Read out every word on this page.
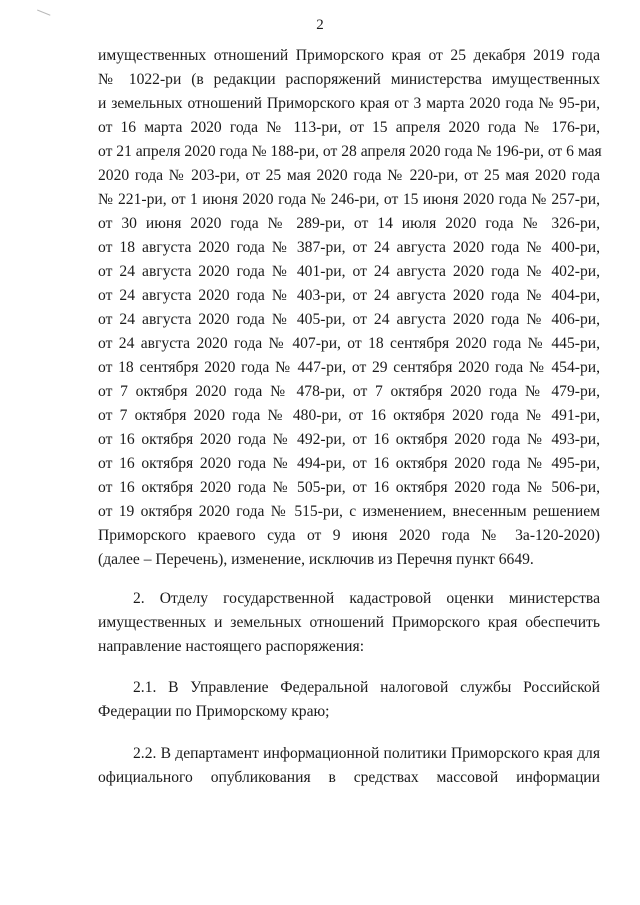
2
имущественных отношений Приморского края от 25 декабря 2019 года
№ 1022-ри (в редакции распоряжений министерства имущественных
и земельных отношений Приморского края от 3 марта 2020 года № 95-ри,
от 16 марта 2020 года № 113-ри, от 15 апреля 2020 года № 176-ри,
от 21 апреля 2020 года № 188-ри, от 28 апреля 2020 года № 196-ри, от 6 мая
2020 года № 203-ри, от 25 мая 2020 года № 220-ри, от 25 мая 2020 года
№ 221-ри, от 1 июня 2020 года № 246-ри, от 15 июня 2020 года № 257-ри,
от 30 июня 2020 года № 289-ри, от 14 июля 2020 года № 326-ри,
от 18 августа 2020 года № 387-ри, от 24 августа 2020 года № 400-ри,
от 24 августа 2020 года № 401-ри, от 24 августа 2020 года № 402-ри,
от 24 августа 2020 года № 403-ри, от 24 августа 2020 года № 404-ри,
от 24 августа 2020 года № 405-ри, от 24 августа 2020 года № 406-ри,
от 24 августа 2020 года № 407-ри, от 18 сентября 2020 года № 445-ри,
от 18 сентября 2020 года № 447-ри, от 29 сентября 2020 года № 454-ри,
от 7 октября 2020 года № 478-ри, от 7 октября 2020 года № 479-ри,
от 7 октября 2020 года № 480-ри, от 16 октября 2020 года № 491-ри,
от 16 октября 2020 года № 492-ри, от 16 октября 2020 года № 493-ри,
от 16 октября 2020 года № 494-ри, от 16 октября 2020 года № 495-ри,
от 16 октября 2020 года № 505-ри, от 16 октября 2020 года № 506-ри,
от 19 октября 2020 года № 515-ри, с изменением, внесенным решением
Приморского краевого суда от 9 июня 2020 года № 3а-120-2020)
(далее – Перечень), изменение, исключив из Перечня пункт 6649.
2. Отделу государственной кадастровой оценки министерства
имущественных и земельных отношений Приморского края обеспечить
направление настоящего распоряжения:
2.1. В Управление Федеральной налоговой службы Российской
Федерации по Приморскому краю;
2.2. В департамент информационной политики Приморского края для
официального опубликования в средствах массовой информации
